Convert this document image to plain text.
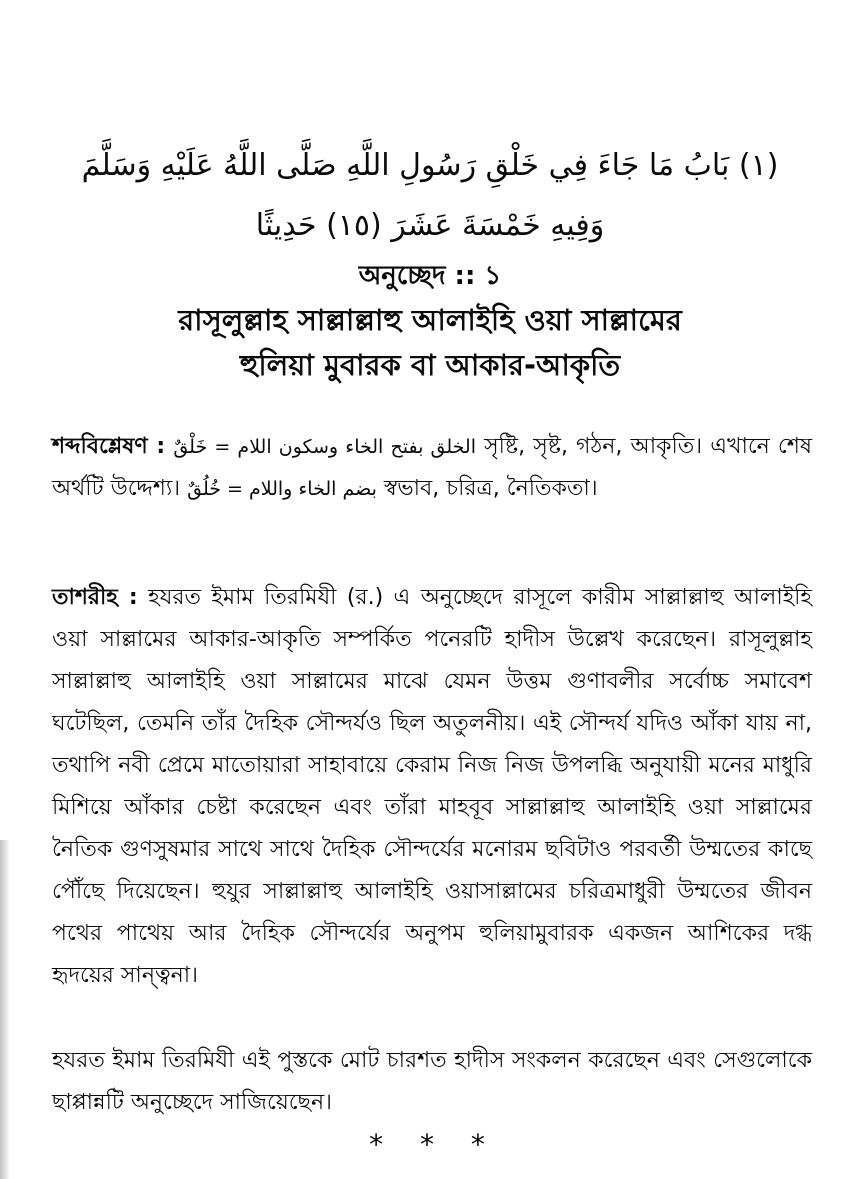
(١) بَابُ مَا جَاءَ فِي خَلْقِ رَسُولِ اللَّهِ صَلَّى اللَّهُ عَلَيْهِ وَسَلَّمَ
وَفِيهِ خَمْسَةَ عَشَرَ (١٥) حَدِيثًا
অনুচ্ছেদ :: ১
রাসূলুল্লাহ সাল্লাল্লাহু আলাইহি ওয়া সাল্লামের
হুলিয়া মুবারক বা আকার-আকৃতি
শব্দবিশ্লেষণ : الخلق بفتح الخاء وسكون اللام = خَلْقٌ সৃষ্টি, সৃষ্ট, গঠন, আকৃতি। এখানে শেষ অর্থটি উদ্দেশ্য। بضم الخاء واللام = خُلُقٌ স্বভাব, চরিত্র, নৈতিকতা।
তাশরীহ : হযরত ইমাম তিরমিযী (র.) এ অনুচ্ছেদে রাসূলে কারীম সাল্লাল্লাহু আলাইহি ওয়া সাল্লামের আকার-আকৃতি সম্পর্কিত পনেরটি হাদীস উল্লেখ করেছেন। রাসূলুল্লাহ সাল্লাল্লাহু আলাইহি ওয়া সাল্লামের মাঝে যেমন উত্তম গুণাবলীর সর্বোচ্চ সমাবেশ ঘটেছিল, তেমনি তাঁর দৈহিক সৌন্দর্যও ছিল অতুলনীয়। এই সৌন্দর্য যদিও আঁকা যায় না, তথাপি নবী প্রেমে মাতোয়ারা সাহাবায়ে কেরাম নিজ নিজ উপলব্ধি অনুযায়ী মনের মাধুরি মিশিয়ে আঁকার চেষ্টা করেছেন এবং তাঁরা মাহবূব সাল্লাল্লাহু আলাইহি ওয়া সাল্লামের নৈতিক গুণসুষমার সাথে সাথে দৈহিক সৌন্দর্যের মনোরম ছবিটাও পরবর্তী উম্মতের কাছে পৌঁছে দিয়েছেন। হুযুর সাল্লাল্লাহু আলাইহি ওয়াসাল্লামের চরিত্রমাধুরী উম্মতের জীবন পথের পাথেয় আর দৈহিক সৌন্দর্যের অনুপম হুলিয়ামুবারক একজন আশিকের দগ্ধ হৃদয়ের সান্ত্বনা।
হযরত ইমাম তিরমিযী এই পুস্তকে মোট চারশত হাদীস সংকলন করেছেন এবং সেগুলোকে ছাপ্পান্নটি অনুচ্ছেদে সাজিয়েছেন।
* * *
